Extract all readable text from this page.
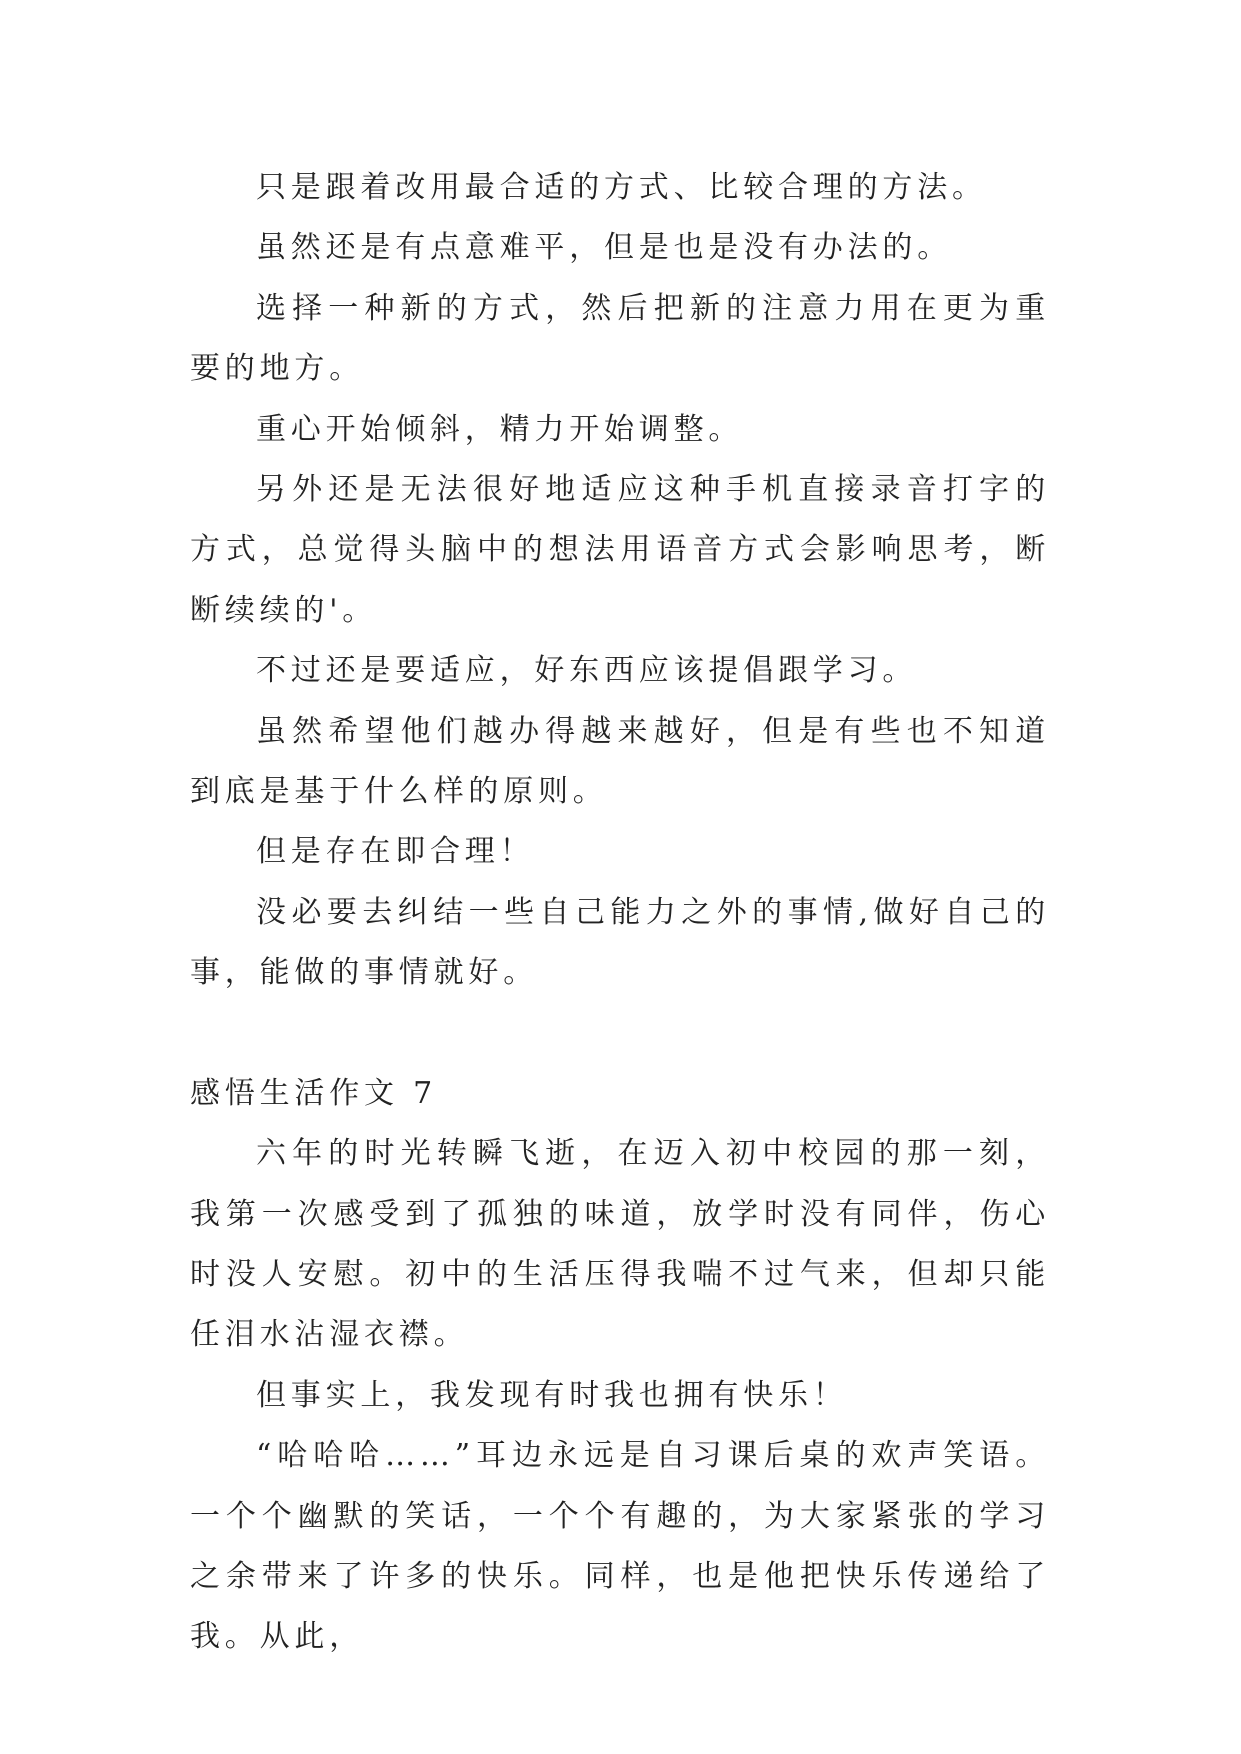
只是跟着改用最合适的方式、比较合理的方法。

虽然还是有点意难平，但是也是没有办法的。

选择一种新的方式，然后把新的注意力用在更为重要的地方。

重心开始倾斜，精力开始调整。

另外还是无法很好地适应这种手机直接录音打字的方式，总觉得头脑中的想法用语音方式会影响思考，断断续续的'。

不过还是要适应，好东西应该提倡跟学习。

虽然希望他们越办得越来越好，但是有些也不知道到底是基于什么样的原则。

但是存在即合理！

没必要去纠结一些自己能力之外的事情,做好自己的事，能做的事情就好。

感悟生活作文 7

六年的时光转瞬飞逝，在迈入初中校园的那一刻，我第一次感受到了孤独的味道，放学时没有同伴，伤心时没人安慰。初中的生活压得我喘不过气来，但却只能任泪水沾湿衣襟。

但事实上，我发现有时我也拥有快乐！

“哈哈哈……”耳边永远是自习课后桌的欢声笑语。一个个幽默的笑话，一个个有趣的，为大家紧张的学习之余带来了许多的快乐。同样，也是他把快乐传递给了我。从此，
